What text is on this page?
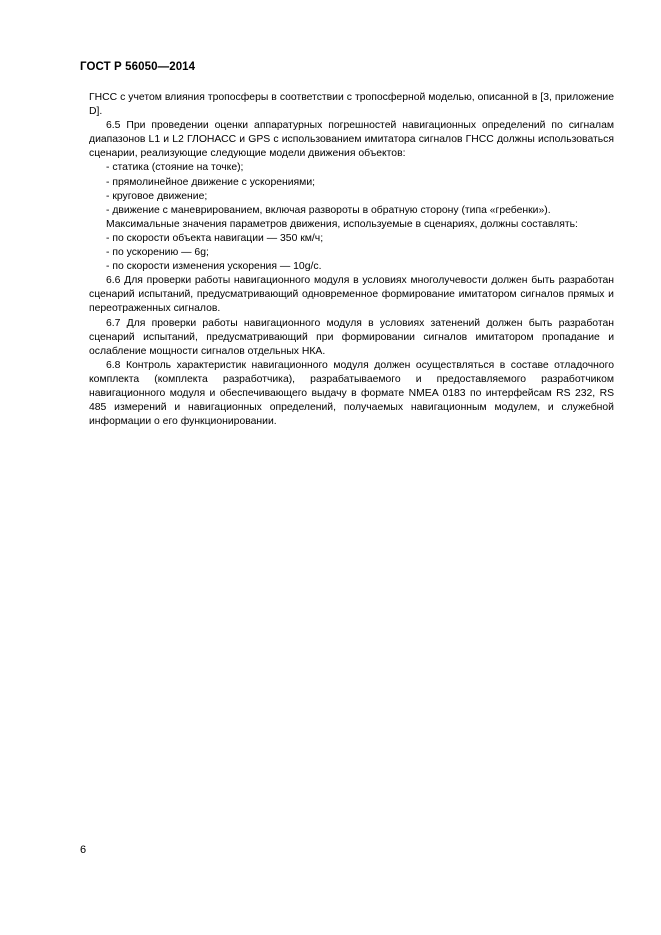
ГОСТ Р 56050—2014

ГНСС с учетом влияния тропосферы в соответствии с тропосферной моделью, описанной в [3, приложение D].

6.5 При проведении оценки аппаратурных погрешностей навигационных определений по сигналам диапазонов L1 и L2 ГЛОНАСС и GPS с использованием имитатора сигналов ГНСС должны использоваться сценарии, реализующие следующие модели движения объектов:

- статика (стояние на точке);

- прямолинейное движение с ускорениями;

- круговое движение;

- движение с маневрированием, включая развороты в обратную сторону (типа «гребенки»).

Максимальные значения параметров движения, используемые в сценариях, должны составлять:

- по скорости объекта навигации — 350 км/ч;

- по ускорению — 6g;

- по скорости изменения ускорения — 10g/c.

6.6 Для проверки работы навигационного модуля в условиях многолучевости должен быть разработан сценарий испытаний, предусматривающий одновременное формирование имитатором сигналов прямых и переотраженных сигналов.

6.7 Для проверки работы навигационного модуля в условиях затенений должен быть разработан сценарий испытаний, предусматривающий при формировании сигналов имитатором пропадание и ослабление мощности сигналов отдельных НКА.

6.8 Контроль характеристик навигационного модуля должен осуществляться в составе отладочного комплекта (комплекта разработчика), разрабатываемого и предоставляемого разработчиком навигационного модуля и обеспечивающего выдачу в формате NMEA 0183 по интерфейсам RS 232, RS 485 измерений и навигационных определений, получаемых навигационным модулем, и служебной информации о его функционировании.

6
